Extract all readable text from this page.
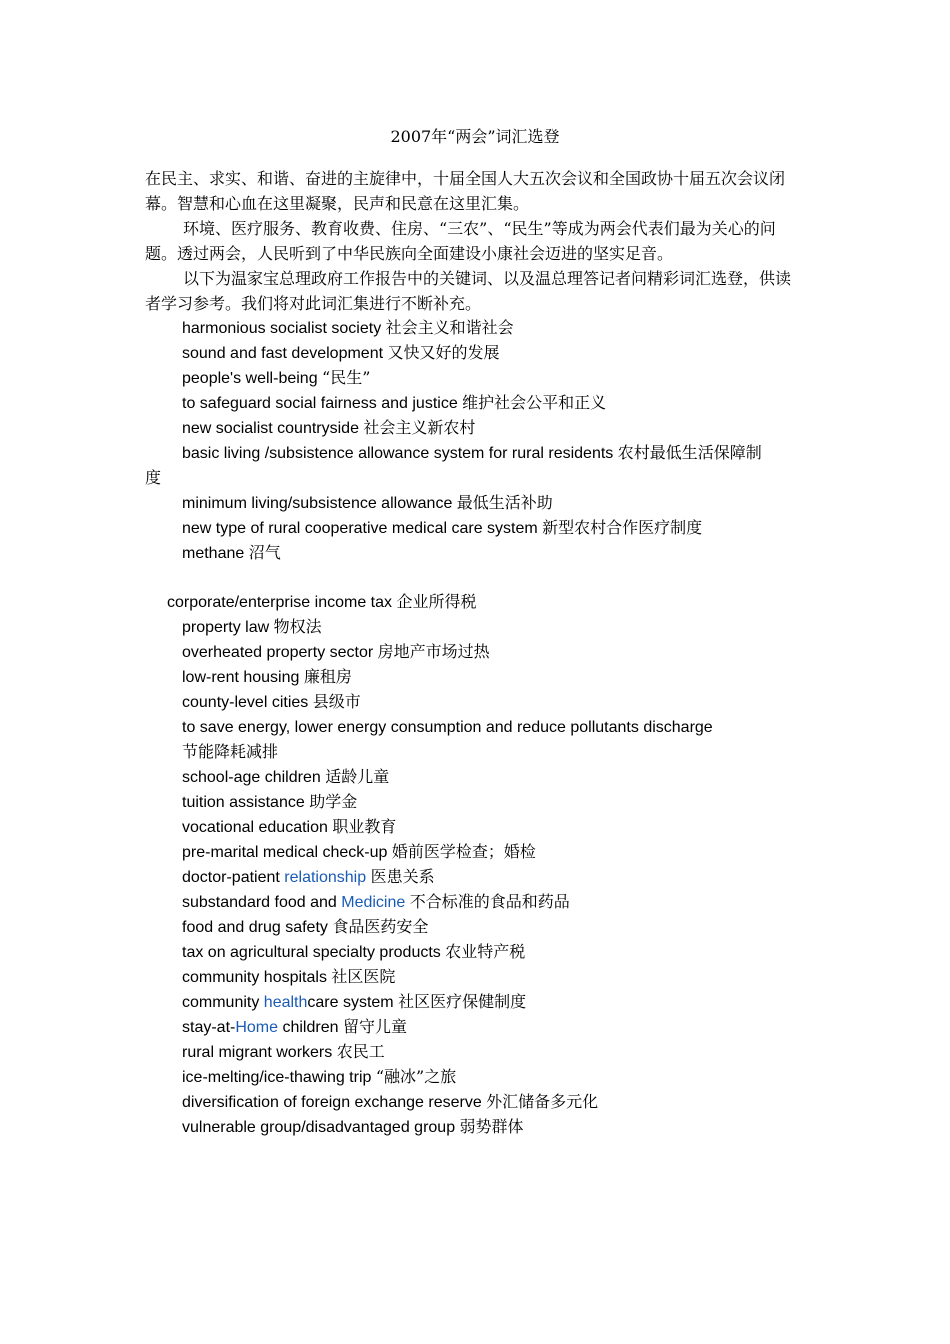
2007年“两会”词汇选登

在民主、求实、和谐、奋进的主旋律中，十届全国人大五次会议和全国政协十届五次会议闭幕。智慧和心血在这里凝聚，民声和民意在这里汇集。

环境、医疗服务、教育收费、住房、“三农”、“民生”等成为两会代表们最为关心的问题。透过两会，人民听到了中华民族向全面建设小康社会迈进的坚实足音。

以下为温家宝总理政府工作报告中的关键词、以及温总理答记者问精彩词汇选登，供读者学习参考。我们将对此词汇集进行不断补充。

harmonious socialist society 社会主义和谐社会
sound and fast development 又快又好的发展
people's well-being “民生”
to safeguard social fairness and justice 维护社会公平和正义
new socialist countryside 社会主义新农村
basic living /subsistence allowance system for rural residents 农村最低生活保障制
度
minimum living/subsistence allowance 最低生活补助
new type of rural cooperative medical care system 新型农村合作医疗制度
methane 沼气
corporate/enterprise income tax 企业所得税
property law 物权法
overheated property sector 房地产市场过热
low-rent housing 廉租房
county-level cities 县级市
to save energy, lower energy consumption and reduce pollutants discharge
节能降耗减排
school-age children 适龄儿童
tuition assistance 助学金
vocational education 职业教育
pre-marital medical check-up 婚前医学检查；婚检
doctor-patient relationship 医患关系
substandard food and Medicine 不合标准的食品和药品
food and drug safety 食品医药安全
tax on agricultural specialty products 农业特产税
community hospitals 社区医院
community healthcare system 社区医疗保健制度
stay-at-Home children 留守儿童
rural migrant workers 农民工
ice-melting/ice-thawing trip “融冰”之旅
diversification of foreign exchange reserve 外汇储备多元化
vulnerable group/disadvantaged group 弱势群体
